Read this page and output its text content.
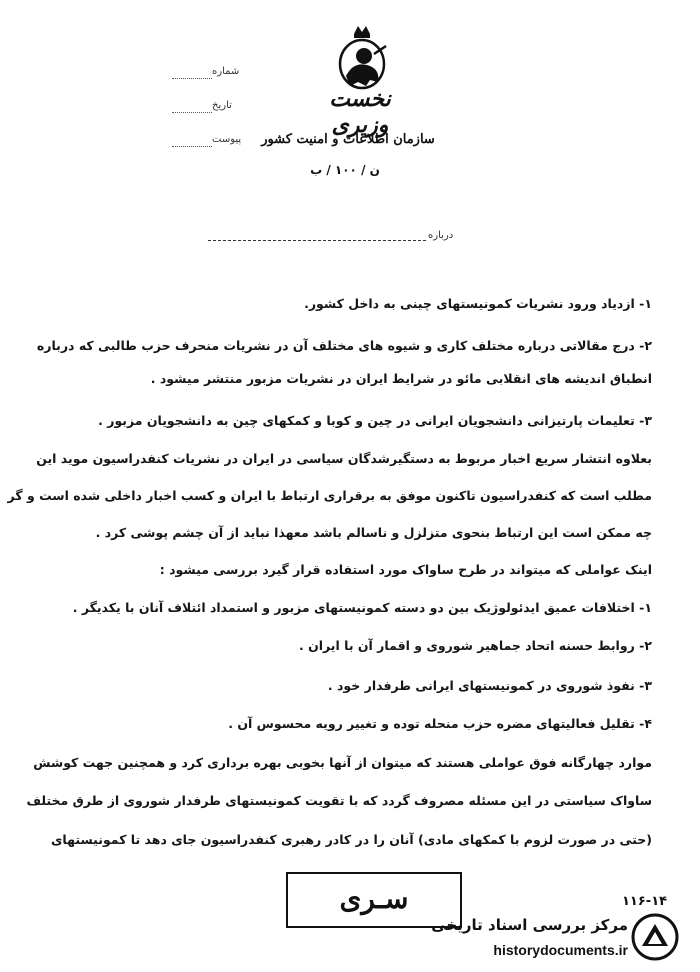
نخست وزیری
سازمان اطلاعات و امنیت کشور
ن / ۱۰۰ / ب
شماره
تاریخ
پیوست
درباره
۱- ازدیاد ورود نشریات کمونیستهای چینی به داخل کشور.
۲- درج مقالاتی درباره مختلف کاری و شیوه های مختلف آن در نشریات منحرف حزب طالبی که درباره
انطباق اندیشه های انقلابی مائو در شرایط ایران در نشریات مزبور منتشر میشود .
۳- تعلیمات پارتیزانی دانشجویان ایرانی در چین و کوبا و کمکهای چین به دانشجویان مزبور .
بعلاوه انتشار سریع اخبار مربوط به دستگیرشدگان سیاسی در ایران در نشریات کنفدراسیون موید این
مطلب است که کنفدراسیون تاکنون موفق به برقراری ارتباط با ایران و کسب اخبار داخلی شده است و گر
چه ممکن است این ارتباط بنحوی متزلزل و ناسالم باشد معهذا نباید از آن چشم پوشی کرد .
اینک عواملی که میتواند در طرح ساواک مورد استفاده قرار گیرد بررسی میشود :
۱- اختلافات عمیق ایدئولوژیک بین دو دسته کمونیستهای مزبور و استمداد ائتلاف آنان با یکدیگر .
۲- روابط حسنه اتحاد جماهیر شوروی و اقمار آن با ایران .
۳- نفوذ شوروی در کمونیستهای ایرانی طرفدار خود .
۴- تقلیل فعالیتهای مضره حزب منحله توده و تغییر رویه محسوس آن .
موارد چهارگانه فوق عواملی هستند که میتوان از آنها بخوبی بهره برداری کرد و همچنین جهت کوشش
ساواک سیاستی در این مسئله مصروف گردد که با تقویت کمونیستهای طرفدار شوروی از طرق مختلف
(حتی در صورت لزوم با کمکهای مادی) آنان را در کادر رهبری کنفدراسیون جای دهد تا کمونیستهای
سـری	۱۱۶-۱۴
مرکز بررسی اسناد تاریخی
historydocuments.ir
